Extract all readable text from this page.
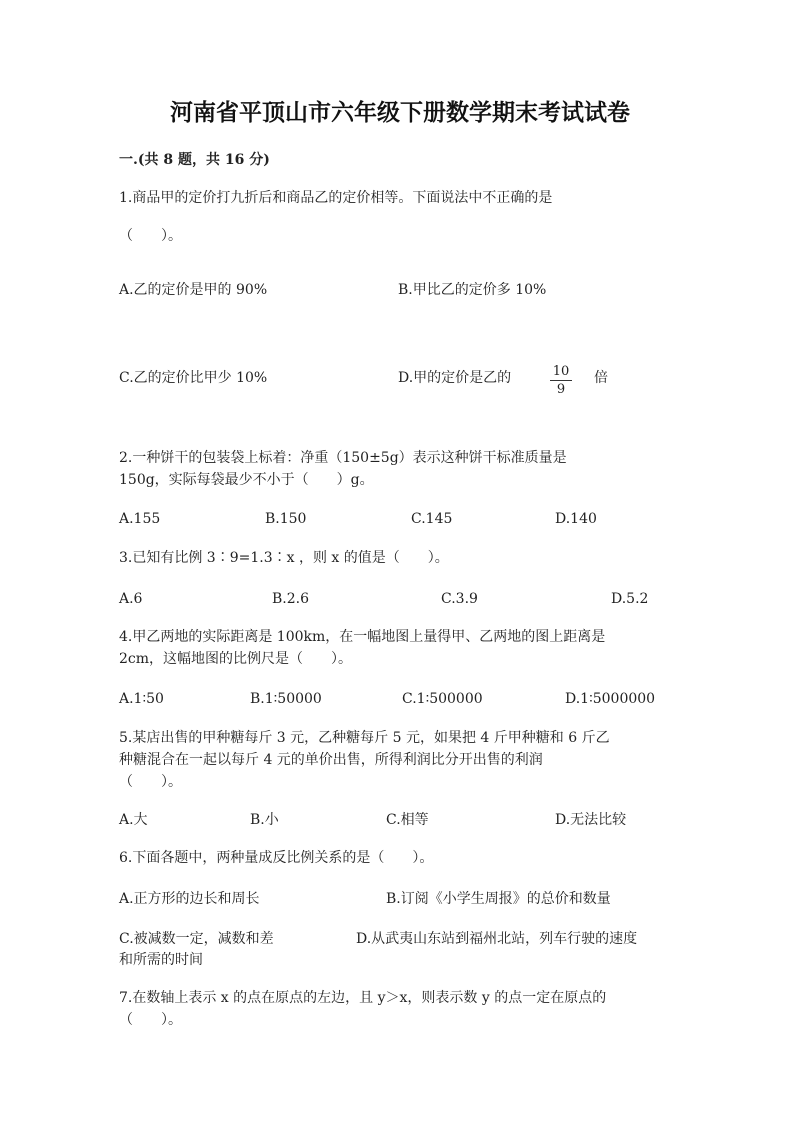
河南省平顶山市六年级下册数学期末考试试卷
一.(共 8 题，共 16 分)
1.商品甲的定价打九折后和商品乙的定价相等。下面说法中不正确的是
（　　）。
A.乙的定价是甲的 90%	B.甲比乙的定价多 10%
C.乙的定价比甲少 10%	D.甲的定价是乙的	10
9
倍
2.一种饼干的包装袋上标着：净重（150±5g）表示这种饼干标准质量是
150g，实际每袋最少不小于（　　）g。
A.155	B.150	C.145	D.140
3.已知有比例 3∶9=1.3∶x ，则 x 的值是（　　）。
A.6	B.2.6	C.3.9	D.5.2
4.甲乙两地的实际距离是 100km，在一幅地图上量得甲、乙两地的图上距离是
2cm，这幅地图的比例尺是（　　）。
A.1∶50	B.1∶50000	C.1∶500000	D.1∶5000000
5.某店出售的甲种糖每斤 3 元，乙种糖每斤 5 元，如果把 4 斤甲种糖和 6 斤乙
种糖混合在一起以每斤 4 元的单价出售，所得利润比分开出售的利润
（　　）。
A.大	B.小	C.相等	D.无法比较
6.下面各题中，两种量成反比例关系的是（　　）。
A.正方形的边长和周长	B.订阅《小学生周报》的总价和数量
C.被减数一定，减数和差	D.从武夷山东站到福州北站，列车行驶的速度
和所需的时间
7.在数轴上表示 x 的点在原点的左边，且 y＞x，则表示数 y 的点一定在原点的
（　　）。
